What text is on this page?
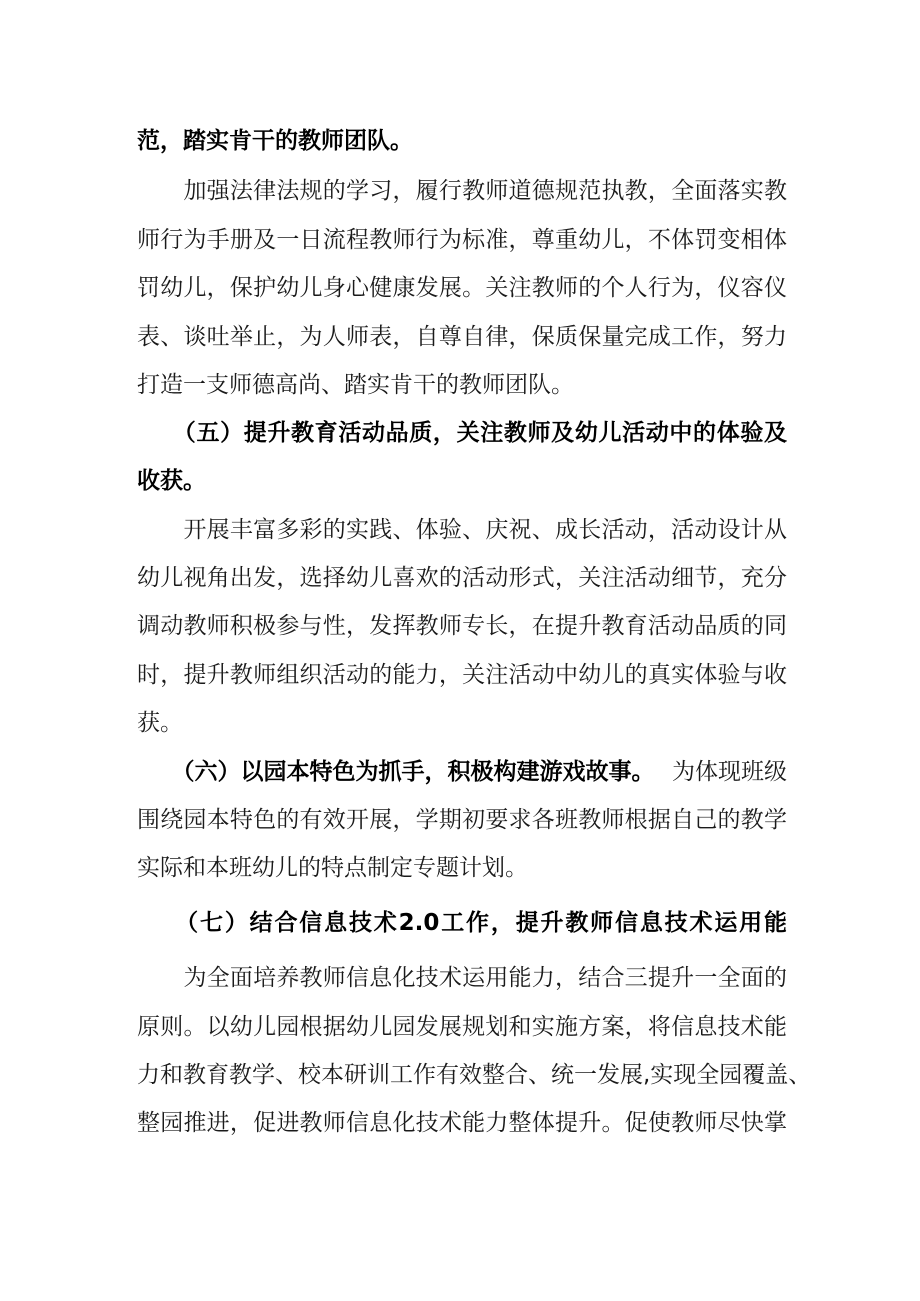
范，踏实肯干的教师团队。
　　加强法律法规的学习，履行教师道德规范执教，全面落实教
师行为手册及一日流程教师行为标准，尊重幼儿，不体罚变相体
罚幼儿，保护幼儿身心健康发展。关注教师的个人行为，仪容仪
表、谈吐举止，为人师表，自尊自律，保质保量完成工作，努力
打造一支师德高尚、踏实肯干的教师团队。
　　（五）提升教育活动品质，关注教师及幼儿活动中的体验及
收获。
　　开展丰富多彩的实践、体验、庆祝、成长活动，活动设计从
幼儿视角出发，选择幼儿喜欢的活动形式，关注活动细节，充分
调动教师积极参与性，发挥教师专长，在提升教育活动品质的同
时，提升教师组织活动的能力，关注活动中幼儿的真实体验与收
获。
　　（六）以园本特色为抓手，积极构建游戏故事。 为体现班级
围绕园本特色的有效开展，学期初要求各班教师根据自己的教学
实际和本班幼儿的特点制定专题计划。
　　（七）结合信息技术2.0工作，提升教师信息技术运用能
　　为全面培养教师信息化技术运用能力，结合三提升一全面的
原则。以幼儿园根据幼儿园发展规划和实施方案，将信息技术能
力和教育教学、校本研训工作有效整合、统一发展,实现全园覆盖、
整园推进，促进教师信息化技术能力整体提升。促使教师尽快掌
